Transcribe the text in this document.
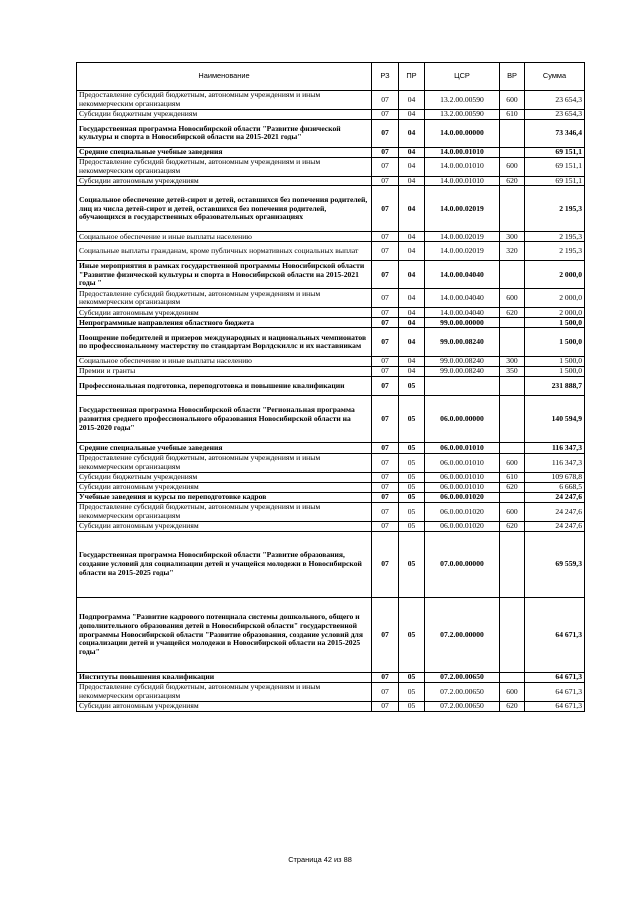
Наименование	РЗ	ПР	ЦСР	ВР	Сумма
Предоставление субсидий бюджетным, автономным учреждениям и иным некоммерческим организациям	07	04	13.2.00.00590	600	23 654,3
Субсидии бюджетным учреждениям	07	04	13.2.00.00590	610	23 654,3
Государственная программа Новосибирской области "Развитие физической культуры и спорта в Новосибирской области на 2015-2021 годы"	07	04	14.0.00.00000		73 346,4
Средние специальные учебные заведения	07	04	14.0.00.01010		69 151,1
Предоставление субсидий бюджетным, автономным учреждениям и иным некоммерческим организациям	07	04	14.0.00.01010	600	69 151,1
Субсидии автономным учреждениям	07	04	14.0.00.01010	620	69 151,1
Социальное обеспечение детей-сирот и детей, оставшихся без попечения родителей, лиц из числа детей-сирот и детей, оставшихся без попечения родителей, обучающихся в государственных образовательных организациях	07	04	14.0.00.02019		2 195,3
Социальное обеспечение и иные выплаты населению	07	04	14.0.00.02019	300	2 195,3
Социальные выплаты гражданам, кроме публичных нормативных социальных выплат	07	04	14.0.00.02019	320	2 195,3
Иные мероприятия в рамках государственной программы Новосибирской области "Развитие физической культуры и спорта в Новосибирской области на 2015-2021 годы "	07	04	14.0.00.04040		2 000,0
Предоставление субсидий бюджетным, автономным учреждениям и иным некоммерческим организациям	07	04	14.0.00.04040	600	2 000,0
Субсидии автономным учреждениям	07	04	14.0.00.04040	620	2 000,0
Непрограммные направления областного бюджета	07	04	99.0.00.00000		1 500,0
Поощрение победителей и призеров международных и национальных чемпионатов по профессиональному мастерству по стандартам Ворлдскиллс и их наставникам	07	04	99.0.00.08240		1 500,0
Социальное обеспечение и иные выплаты населению	07	04	99.0.00.08240	300	1 500,0
Премии и гранты	07	04	99.0.00.08240	350	1 500,0
Профессиональная подготовка, переподготовка и повышение квалификации	07	05			231 888,7
Государственная программа Новосибирской области "Региональная программа развития среднего профессионального образования Новосибирской области на 2015-2020 годы"	07	05	06.0.00.00000		140 594,9
Средние специальные учебные заведения	07	05	06.0.00.01010		116 347,3
Предоставление субсидий бюджетным, автономным учреждениям и иным некоммерческим организациям	07	05	06.0.00.01010	600	116 347,3
Субсидии бюджетным учреждениям	07	05	06.0.00.01010	610	109 678,8
Субсидии автономным учреждениям	07	05	06.0.00.01010	620	6 668,5
Учебные заведения и курсы по переподготовке кадров	07	05	06.0.00.01020		24 247,6
Предоставление субсидий бюджетным, автономным учреждениям и иным некоммерческим организациям	07	05	06.0.00.01020	600	24 247,6
Субсидии автономным учреждениям	07	05	06.0.00.01020	620	24 247,6
Государственная программа Новосибирской области "Развитие образования, создание условий для социализации детей и учащейся молодежи в Новосибирской области на 2015-2025 годы"	07	05	07.0.00.00000		69 559,3
Подпрограмма "Развитие кадрового потенциала системы дошкольного, общего и дополнительного образования детей в Новосибирской области" государственной программы Новосибирской области "Развитие образования, создание условий для социализации детей и учащейся молодежи в Новосибирской области на 2015-2025 годы"	07	05	07.2.00.00000		64 671,3
Институты повышения квалификации	07	05	07.2.00.00650		64 671,3
Предоставление субсидий бюджетным, автономным учреждениям и иным некоммерческим организациям	07	05	07.2.00.00650	600	64 671,3
Субсидии автономным учреждениям	07	05	07.2.00.00650	620	64 671,3
Страница 42 из 88
